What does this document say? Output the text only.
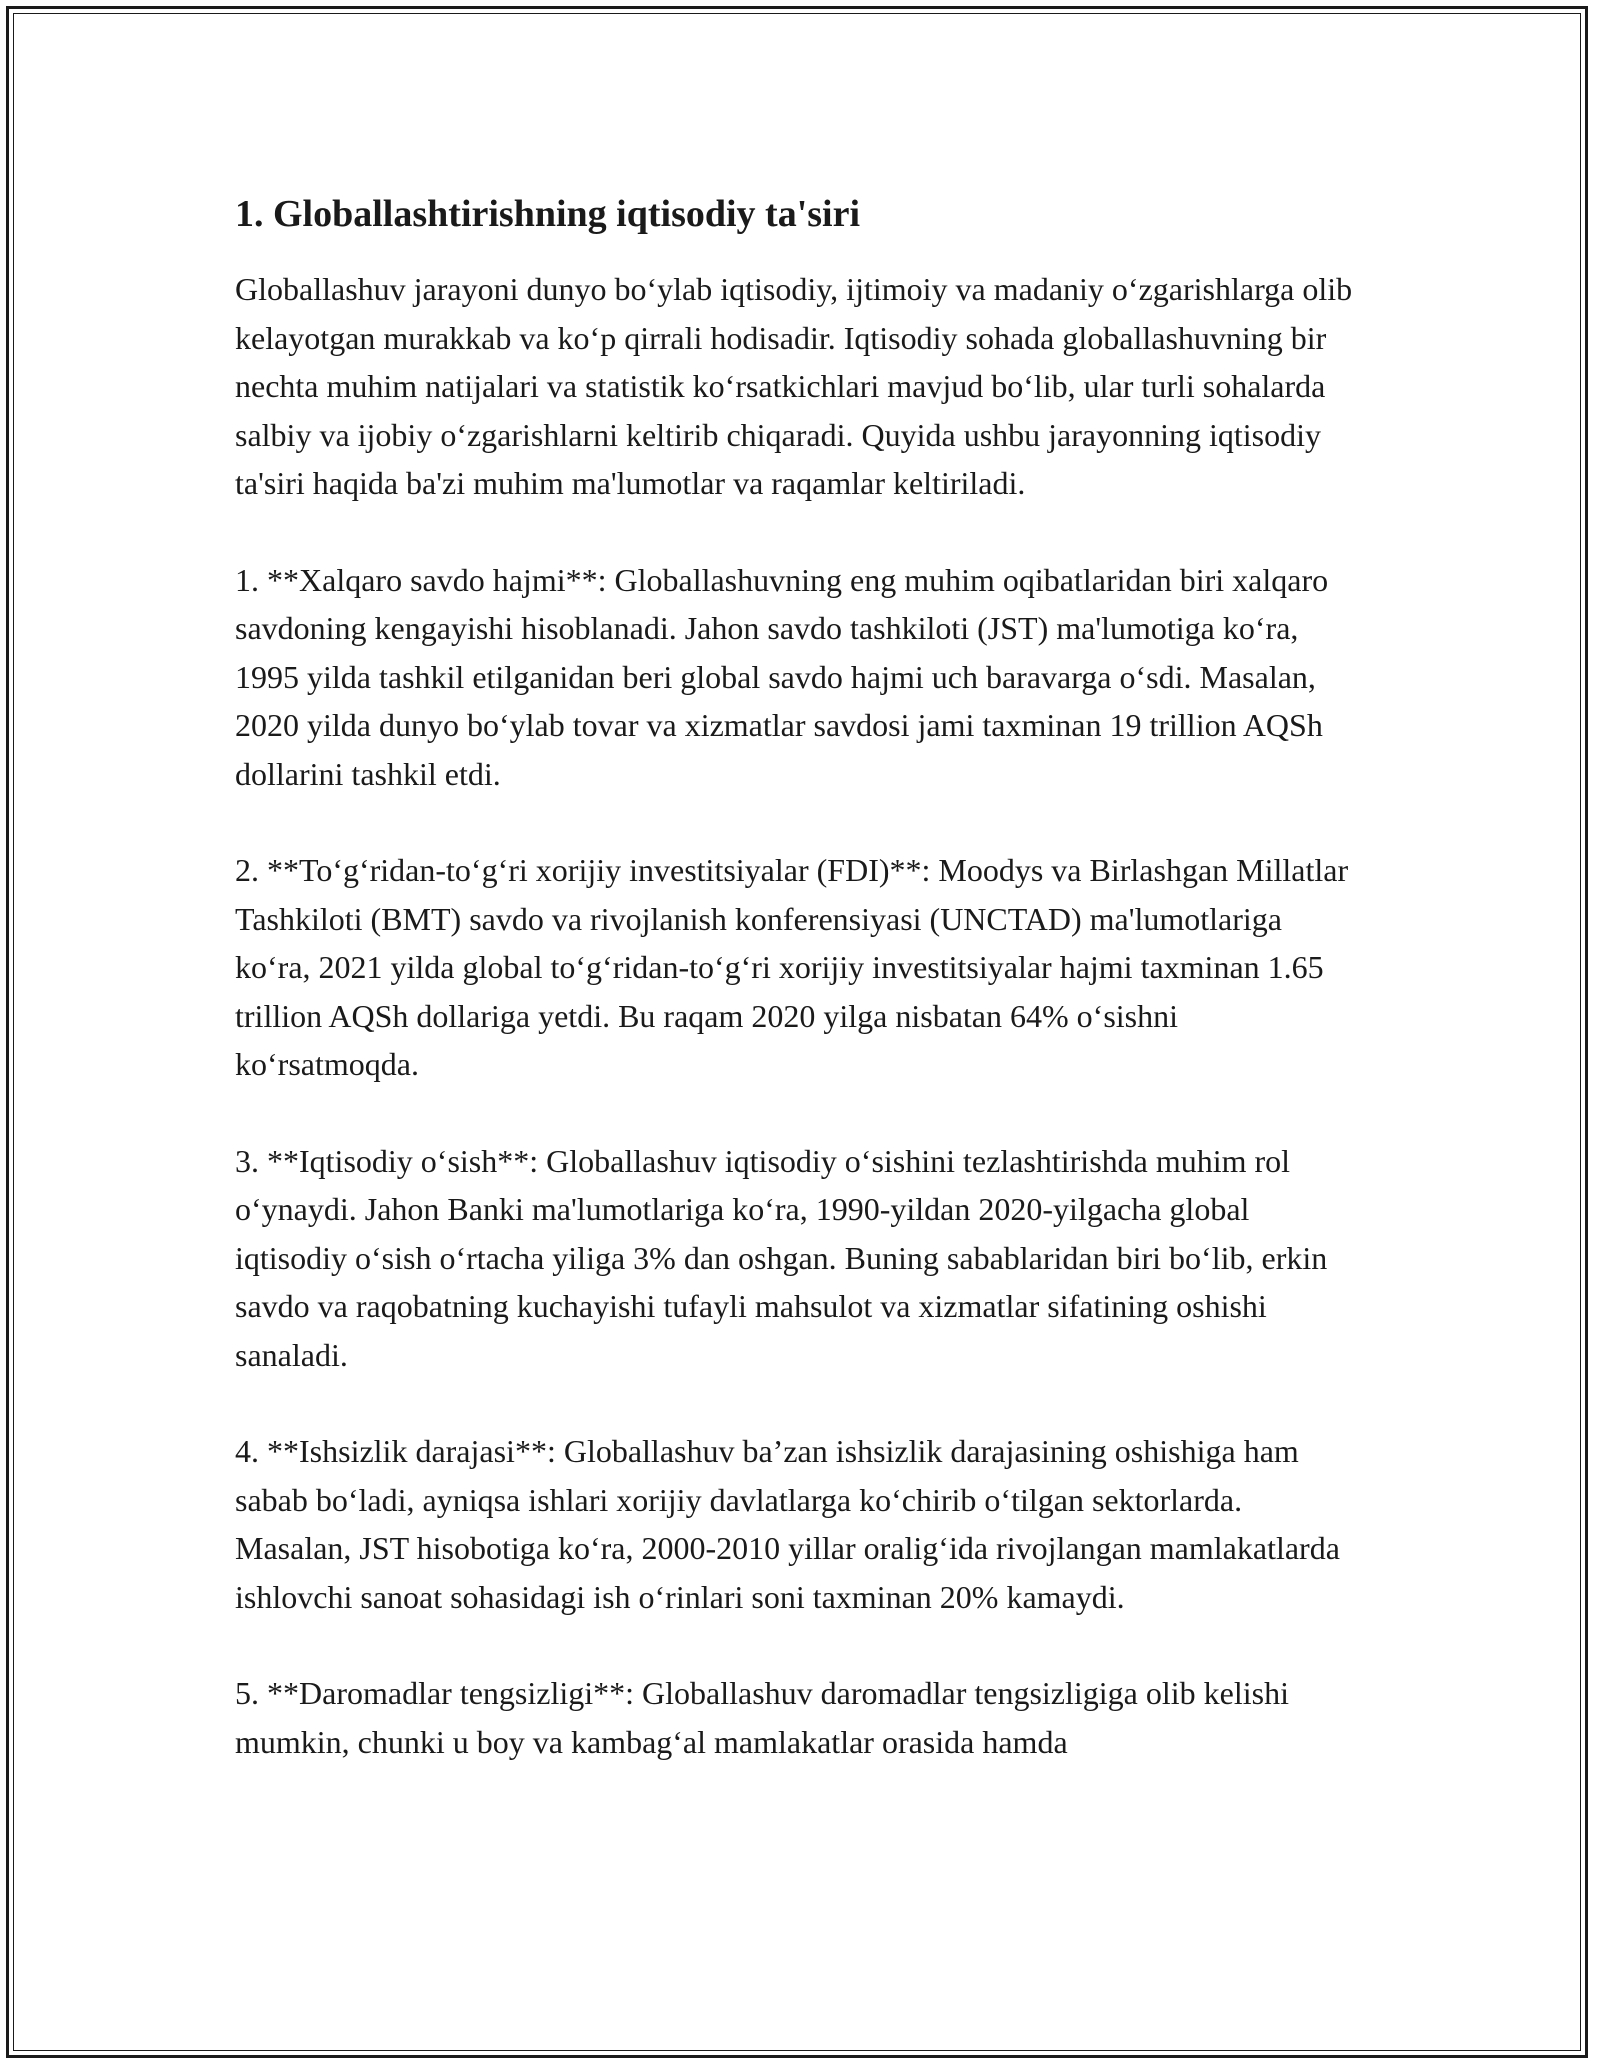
1. Globallashtirishning iqtisodiy ta'siri

Globallashuv jarayoni dunyo bo‘ylab iqtisodiy, ijtimoiy va madaniy o‘zgarishlarga olib kelayotgan murakkab va ko‘p qirrali hodisadir. Iqtisodiy sohada globallashuvning bir nechta muhim natijalari va statistik ko‘rsatkichlari mavjud bo‘lib, ular turli sohalarda salbiy va ijobiy o‘zgarishlarni keltirib chiqaradi. Quyida ushbu jarayonning iqtisodiy ta'siri haqida ba'zi muhim ma'lumotlar va raqamlar keltiriladi.

1. **Xalqaro savdo hajmi**: Globallashuvning eng muhim oqibatlaridan biri xalqaro savdoning kengayishi hisoblanadi. Jahon savdo tashkiloti (JST) ma'lumotiga ko‘ra, 1995 yilda tashkil etilganidan beri global savdo hajmi uch baravarga o‘sdi. Masalan, 2020 yilda dunyo bo‘ylab tovar va xizmatlar savdosi jami taxminan 19 trillion AQSh dollarini tashkil etdi.

2. **To‘g‘ridan-to‘g‘ri xorijiy investitsiyalar (FDI)**: Moodys va Birlashgan Millatlar Tashkiloti (BMT) savdo va rivojlanish konferensiyasi (UNCTAD) ma'lumotlariga ko‘ra, 2021 yilda global to‘g‘ridan-to‘g‘ri xorijiy investitsiyalar hajmi taxminan 1.65 trillion AQSh dollariga yetdi. Bu raqam 2020 yilga nisbatan 64% o‘sishni ko‘rsatmoqda.

3. **Iqtisodiy o‘sish**: Globallashuv iqtisodiy o‘sishini tezlashtirishda muhim rol o‘ynaydi. Jahon Banki ma'lumotlariga ko‘ra, 1990-yildan 2020-yilgacha global iqtisodiy o‘sish o‘rtacha yiliga 3% dan oshgan. Buning sabablaridan biri bo‘lib, erkin savdo va raqobatning kuchayishi tufayli mahsulot va xizmatlar sifatining oshishi sanaladi.

4. **Ishsizlik darajasi**: Globallashuv ba’zan ishsizlik darajasining oshishiga ham sabab bo‘ladi, ayniqsa ishlari xorijiy davlatlarga ko‘chirib o‘tilgan sektorlarda. Masalan, JST hisobotiga ko‘ra, 2000-2010 yillar oralig‘ida rivojlangan mamlakatlarda ishlovchi sanoat sohasidagi ish o‘rinlari soni taxminan 20% kamaydi.

5. **Daromadlar tengsizligi**: Globallashuv daromadlar tengsizligiga olib kelishi mumkin, chunki u boy va kambag‘al mamlakatlar orasida hamda
